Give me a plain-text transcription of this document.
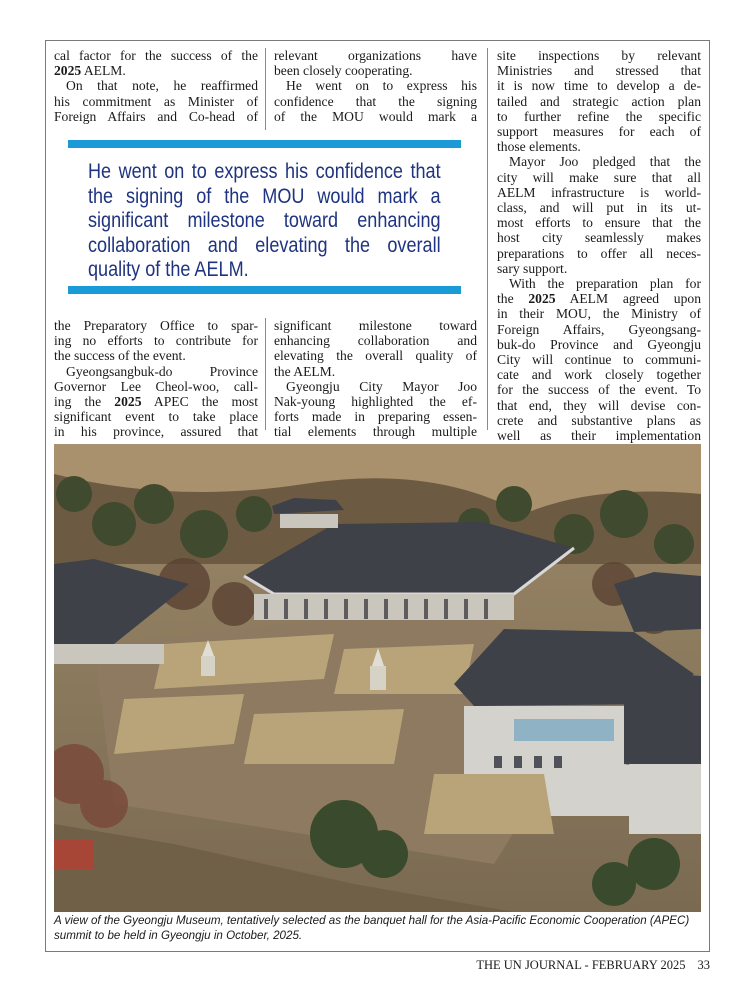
cal factor for the success of the

2025 AELM.

On that note, he reaffirmed

his commitment as Minister of

Foreign Affairs and Co-head of

relevant organizations have

been closely cooperating.

He went on to express his

confidence that the signing

of the MOU would mark a

site inspections by relevant

Ministries and stressed that

it is now time to develop a de-

tailed and strategic action plan

to further refine the specific

support measures for each of

those elements.

Mayor Joo pledged that the

city will make sure that all

AELM infrastructure is world-

class, and will put in its ut-

most efforts to ensure that the

host city seamlessly makes

preparations to offer all neces-

sary support.

With the preparation plan for

the 2025 AELM agreed upon

in their MOU, the Ministry of

Foreign Affairs, Gyeongsang-

buk-do Province and Gyeongju

City will continue to communi-

cate and work closely together

for the success of the event. To

that end, they will devise con-

crete and substantive plans as

well as their implementation

He went on to express his confidence that the signing of the MOU would mark a significant milestone toward enhancing collaboration and elevating the overall quality of the AELM.

the Preparatory Office to spar-

ing no efforts to contribute for

the success of the event.

Gyeongsangbuk-do Province

Governor Lee Cheol-woo, call-

ing the 2025 APEC the most

significant event to take place

in his province, assured that

significant milestone toward

enhancing collaboration and

elevating the overall quality of

the AELM.

Gyeongju City Mayor Joo

Nak-young highlighted the ef-

forts made in preparing essen-

tial elements through multiple

A view of the Gyeongju Museum, tentatively selected as the banquet hall for the Asia-Pacific Economic Cooperation (APEC) summit to be held in Gyeongju in October, 2025.
THE UN JOURNAL - FEBRUARY 2025 33
